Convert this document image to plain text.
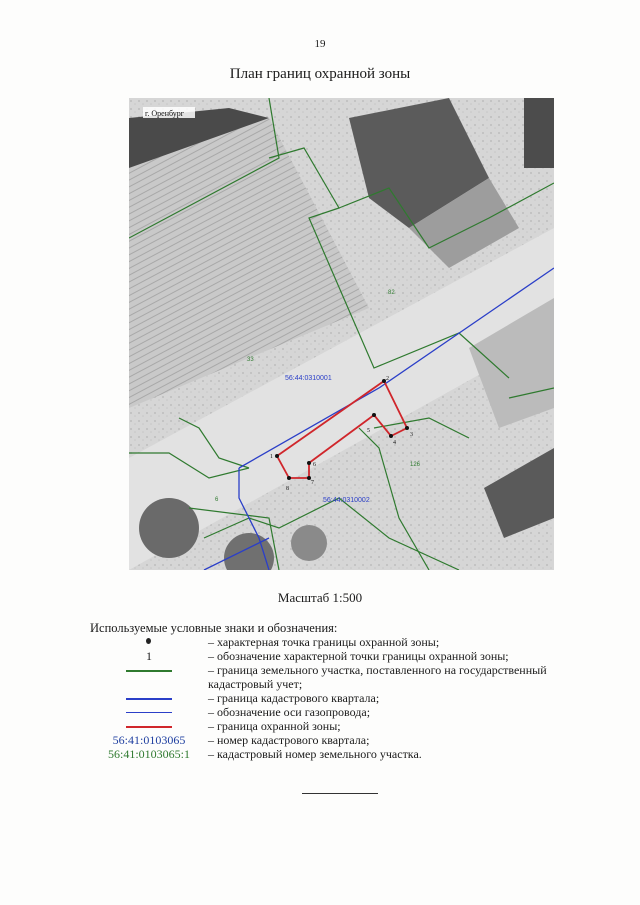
19
План границ охранной зоны
1
2
3
4
5
6
7
8
г. Оренбург
56:44:0310001
56:44:0310002
33
82
6
126
Масштаб 1:500
Используемые условные знаки и обозначения:
– характерная точка границы охранной зоны;
1	– обозначение характерной точки границы охранной зоны;
– граница земельного участка, поставленного на государственный
кадастровый учет;
– граница кадастрового квартала;
– обозначение оси газопровода;
– граница охранной зоны;
56:41:0103065	– номер кадастрового квартала;
56:41:0103065:1	– кадастровый номер земельного участка.
